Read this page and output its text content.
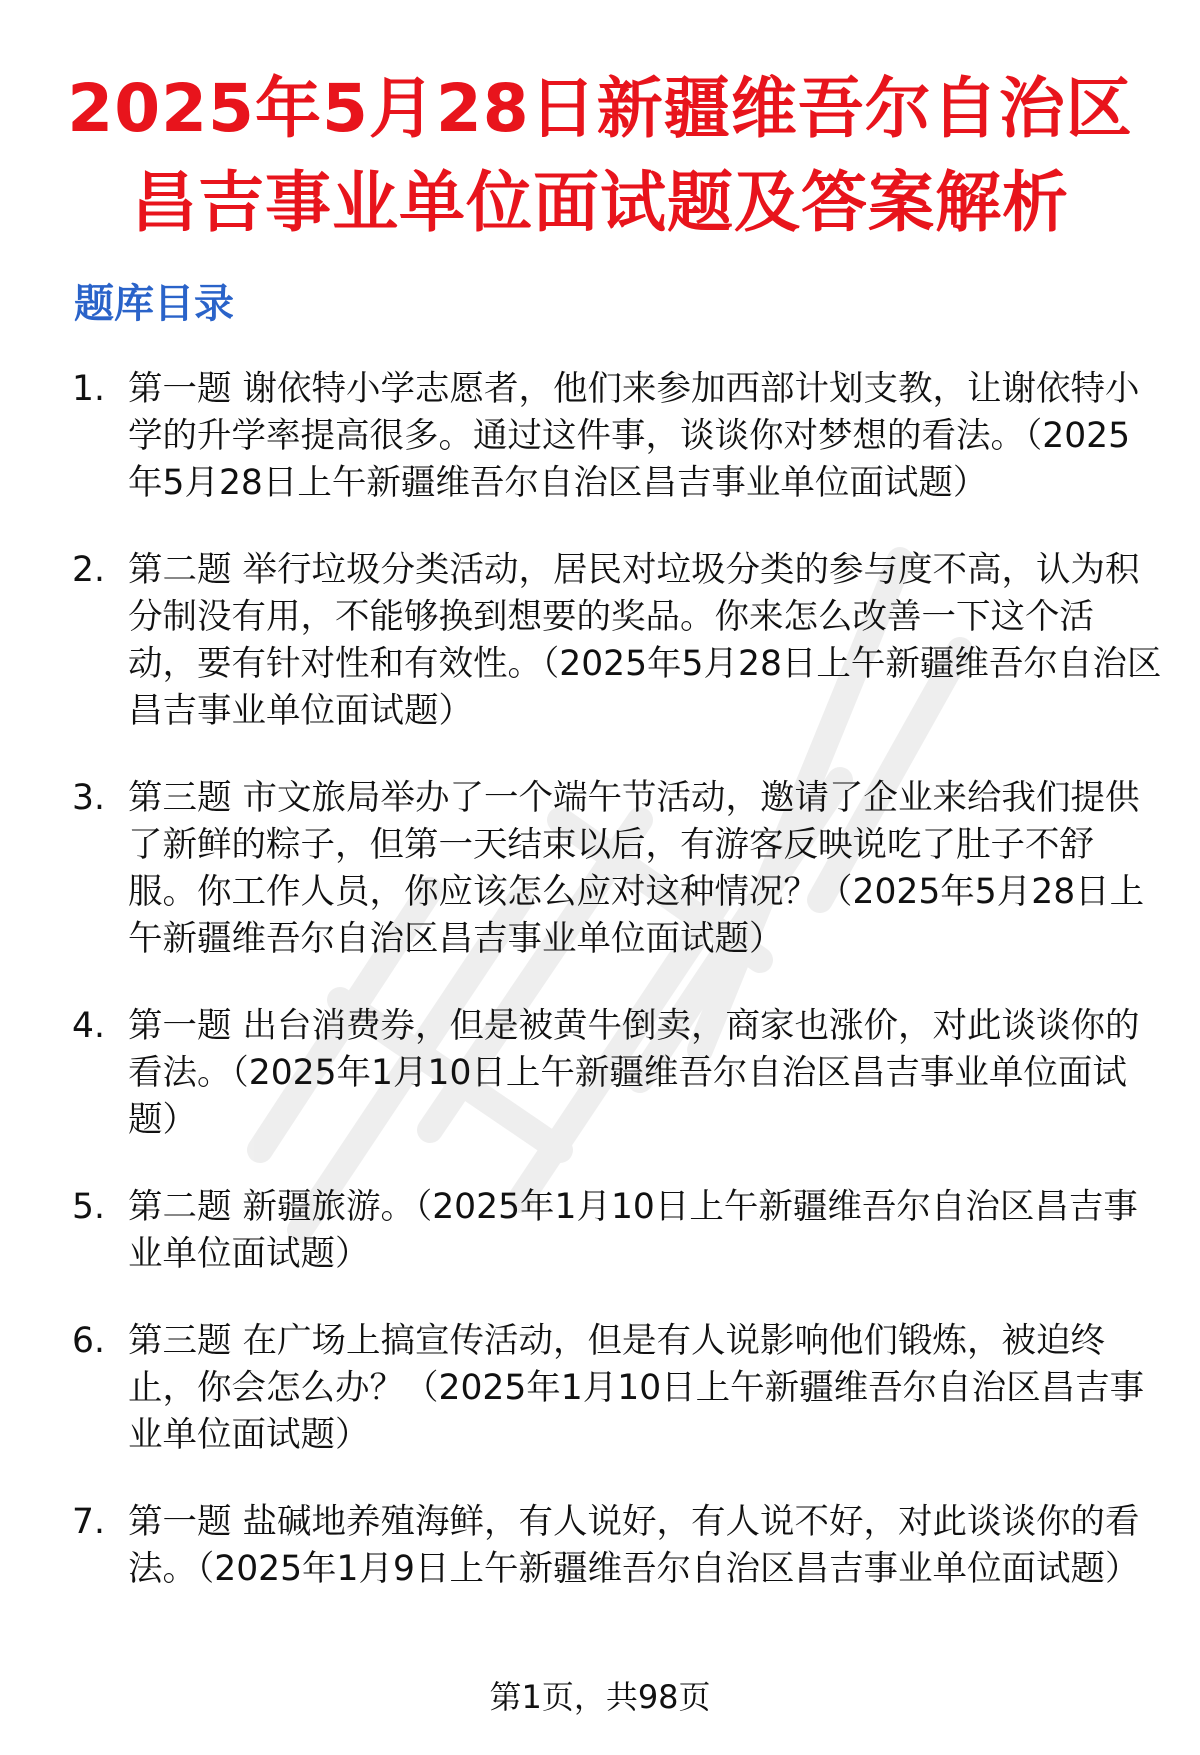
2025年5月28日新疆维吾尔自治区
昌吉事业单位面试题及答案解析
题库目录
1. 第一题 谢依特小学志愿者，他们来参加西部计划支教，让谢依特小学的升学率提高很多。通过这件事，谈谈你对梦想的看法。（2025年5月28日上午新疆维吾尔自治区昌吉事业单位面试题）
2. 第二题 举行垃圾分类活动，居民对垃圾分类的参与度不高，认为积分制没有用，不能够换到想要的奖品。你来怎么改善一下这个活动，要有针对性和有效性。（2025年5月28日上午新疆维吾尔自治区昌吉事业单位面试题）
3. 第三题 市文旅局举办了一个端午节活动，邀请了企业来给我们提供了新鲜的粽子，但第一天结束以后，有游客反映说吃了肚子不舒服。你工作人员，你应该怎么应对这种情况？（2025年5月28日上午新疆维吾尔自治区昌吉事业单位面试题）
4. 第一题 出台消费券，但是被黄牛倒卖，商家也涨价，对此谈谈你的看法。（2025年1月10日上午新疆维吾尔自治区昌吉事业单位面试题）
5. 第二题 新疆旅游。（2025年1月10日上午新疆维吾尔自治区昌吉事业单位面试题）
6. 第三题 在广场上搞宣传活动，但是有人说影响他们锻炼，被迫终止，你会怎么办？（2025年1月10日上午新疆维吾尔自治区昌吉事业单位面试题）
7. 第一题 盐碱地养殖海鲜，有人说好，有人说不好，对此谈谈你的看法。（2025年1月9日上午新疆维吾尔自治区昌吉事业单位面试题）
第1页，共98页
